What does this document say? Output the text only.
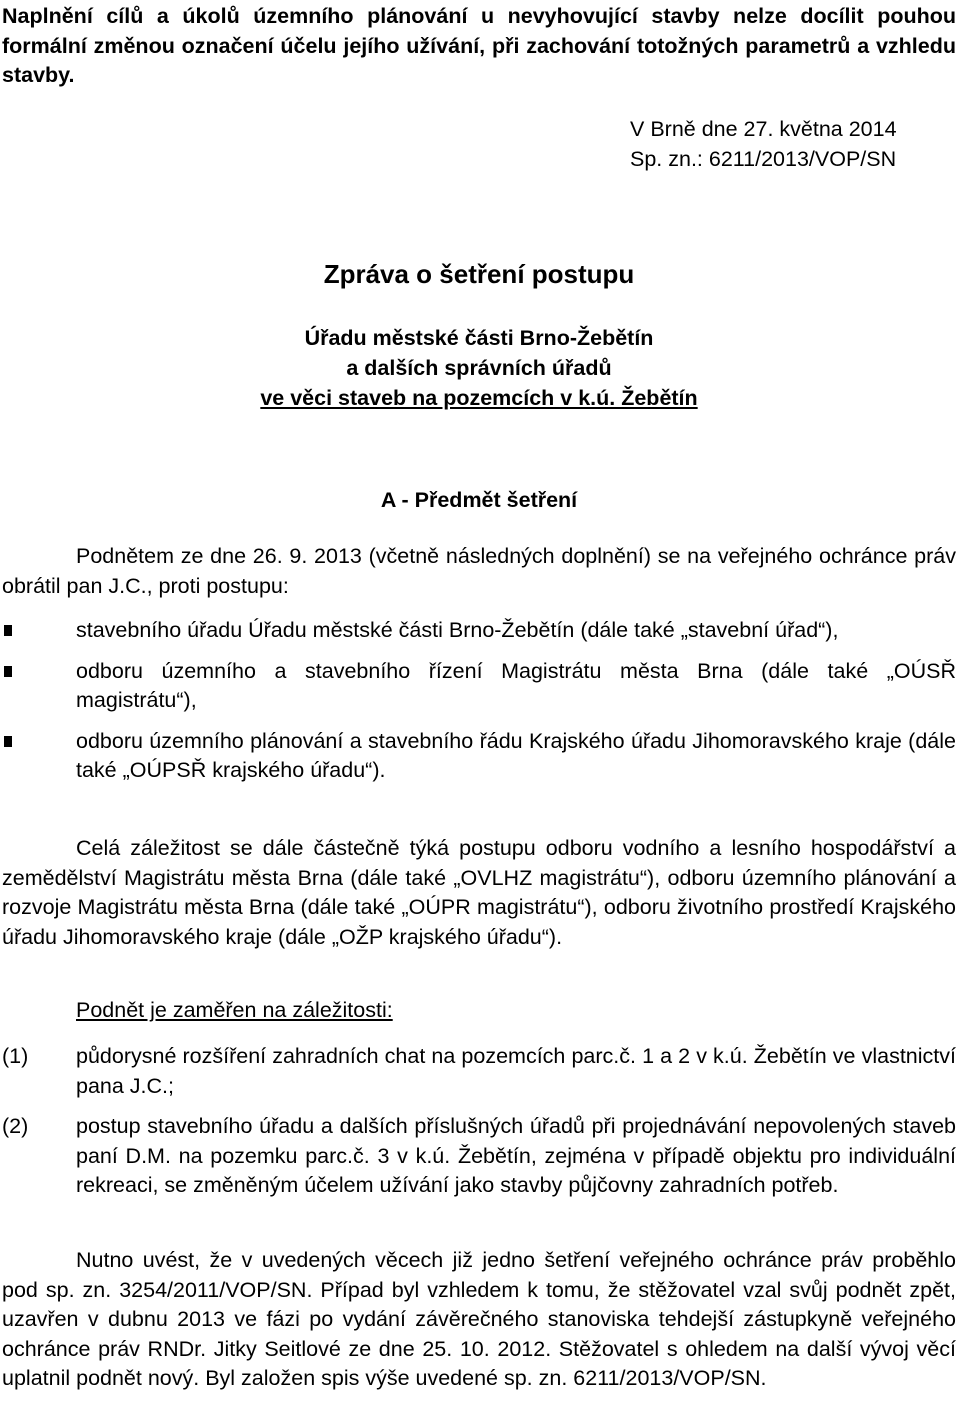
Naplnění cílů a úkolů územního plánování u nevyhovující stavby nelze docílit pouhou formální změnou označení účelu jejího užívání, při zachování totožných parametrů a vzhledu stavby.

V Brně dne 27. května 2014

Sp. zn.: 6211/2013/VOP/SN

Zpráva o šetření postupu

Úřadu městské části Brno-Žebětín

a dalších správních úřadů

ve věci staveb na pozemcích v k.ú. Žebětín

A - Předmět šetření

Podnětem ze dne 26. 9. 2013 (včetně následných doplnění) se na veřejného ochránce práv obrátil pan J.C., proti postupu:

stavebního úřadu Úřadu městské části Brno-Žebětín (dále také „stavební úřad“),

odboru územního a stavebního řízení Magistrátu města Brna (dále také „OÚSŘ magistrátu“),

odboru územního plánování a stavebního řádu Krajského úřadu Jihomoravského kraje (dále také „OÚPSŘ krajského úřadu“).

Celá záležitost se dále částečně týká postupu odboru vodního a lesního hospodářství a zemědělství Magistrátu města Brna (dále také „OVLHZ magistrátu“), odboru územního plánování a rozvoje Magistrátu města Brna (dále také „OÚPR magistrátu“), odboru životního prostředí Krajského úřadu Jihomoravského kraje (dále „OŽP krajského úřadu“).

Podnět je zaměřen na záležitosti:

(1) půdorysné rozšíření zahradních chat na pozemcích parc.č. 1 a 2 v k.ú. Žebětín ve vlastnictví pana J.C.;

(2) postup stavebního úřadu a dalších příslušných úřadů při projednávání nepovolených staveb paní D.M. na pozemku parc.č. 3 v k.ú. Žebětín, zejména v případě objektu pro individuální rekreaci, se změněným účelem užívání jako stavby půjčovny zahradních potřeb.

Nutno uvést, že v uvedených věcech již jedno šetření veřejného ochránce práv proběhlo pod sp. zn. 3254/2011/VOP/SN. Případ byl vzhledem k tomu, že stěžovatel vzal svůj podnět zpět, uzavřen v dubnu 2013 ve fázi po vydání závěrečného stanoviska tehdejší zástupkyně veřejného ochránce práv RNDr. Jitky Seitlové ze dne 25. 10. 2012. Stěžovatel s ohledem na další vývoj věcí uplatnil podnět nový. Byl založen spis výše uvedené sp. zn. 6211/2013/VOP/SN.
